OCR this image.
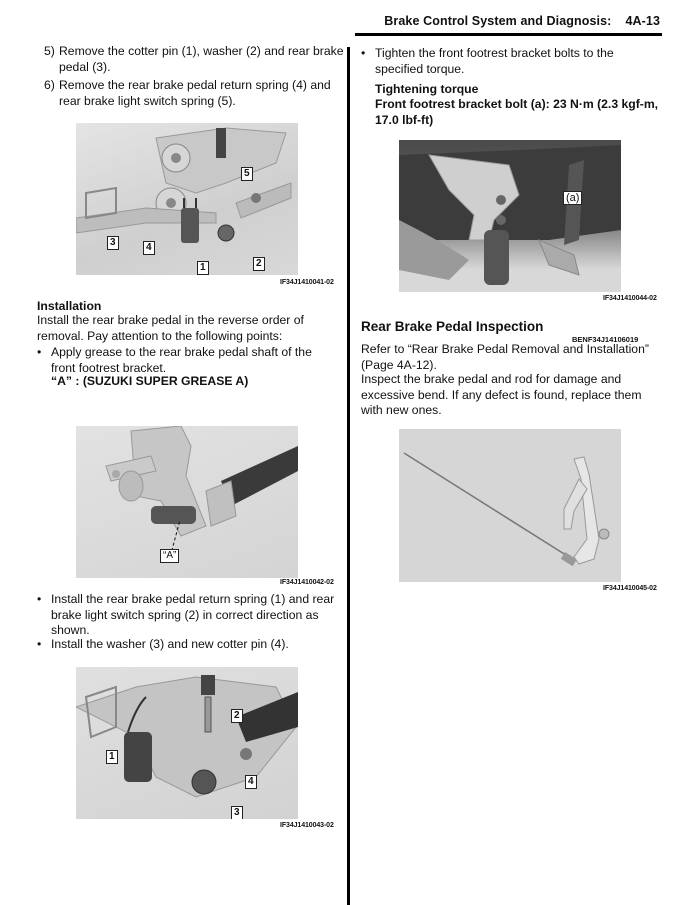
Brake Control System and Diagnosis: 4A-13
5) Remove the cotter pin (1), washer (2) and rear brake pedal (3).
6) Remove the rear brake pedal return spring (4) and rear brake light switch spring (5).
5
3	4
1	2
IF34J1410041-02
Installation
Install the rear brake pedal in the reverse order of removal. Pay attention to the following points:
• Apply grease to the rear brake pedal shaft of the front footrest bracket.
“A” : (SUZUKI SUPER GREASE A)
“A”
IF34J1410042-02
• Install the rear brake pedal return spring (1) and rear brake light switch spring (2) in correct direction as shown.
• Install the washer (3) and new cotter pin (4).
2
1
4
3
IF34J1410043-02
• Tighten the front footrest bracket bolts to the specified torque.
Tightening torque
Front footrest bracket bolt (a): 23 N·m (2.3 kgf-m, 17.0 lbf-ft)
(a)
IF34J1410044-02
Rear Brake Pedal Inspection
BENF34J14106019
Refer to “Rear Brake Pedal Removal and Installation” (Page 4A-12).
Inspect the brake pedal and rod for damage and excessive bend. If any defect is found, replace them with new ones.
IF34J1410045-02
